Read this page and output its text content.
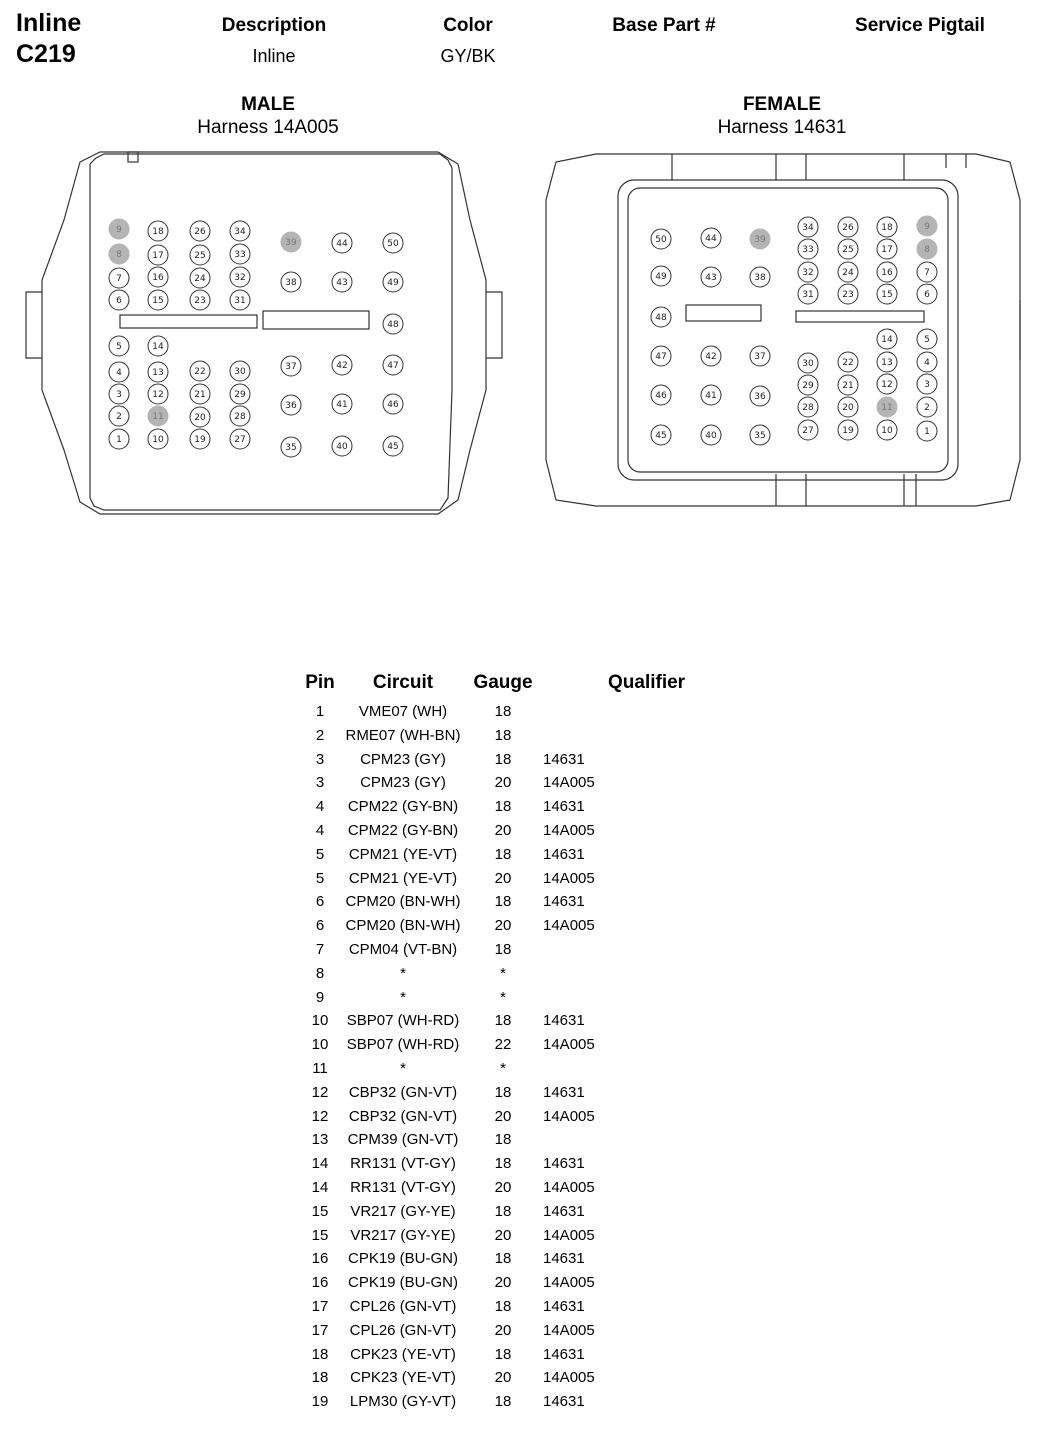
Inline
C219
Description	Color	Base Part #	Service Pigtail
Inline	GY/BK
MALE
Harness 14A005
FEMALE
Harness 14631
9
8
7
6
18
17
16
15
26
25
24
23
34
33
32
31
39	44	50
38	43	49
48
5
4
3
2
1
14
13
12
11
10
22
21
20
19
30
29
28
27
37	42	47
36	41	46
35	40	45
50	44	39
49	43	38
48
47	42	37
46	41	36
45	40	35
34
33
32
31
26
25
24
23
18
17
16
15
9
8
7
6
30
29
28
27
22
21
20
19
14
13
12
11
10
5
4
3
2
1
Pin	Circuit	Gauge	Qualifier
1	VME07 (WH)	18
2	RME07 (WH-BN)	18
3	CPM23 (GY)	18	14631
3	CPM23 (GY)	20	14A005
4	CPM22 (GY-BN)	18	14631
4	CPM22 (GY-BN)	20	14A005
5	CPM21 (YE-VT)	18	14631
5	CPM21 (YE-VT)	20	14A005
6	CPM20 (BN-WH)	18	14631
6	CPM20 (BN-WH)	20	14A005
7	CPM04 (VT-BN)	18
8	*	*
9	*	*
10	SBP07 (WH-RD)	18	14631
10	SBP07 (WH-RD)	22	14A005
11	*	*
12	CBP32 (GN-VT)	18	14631
12	CBP32 (GN-VT)	20	14A005
13	CPM39 (GN-VT)	18
14	RR131 (VT-GY)	18	14631
14	RR131 (VT-GY)	20	14A005
15	VR217 (GY-YE)	18	14631
15	VR217 (GY-YE)	20	14A005
16	CPK19 (BU-GN)	18	14631
16	CPK19 (BU-GN)	20	14A005
17	CPL26 (GN-VT)	18	14631
17	CPL26 (GN-VT)	20	14A005
18	CPK23 (YE-VT)	18	14631
18	CPK23 (YE-VT)	20	14A005
19	LPM30 (GY-VT)	18	14631
